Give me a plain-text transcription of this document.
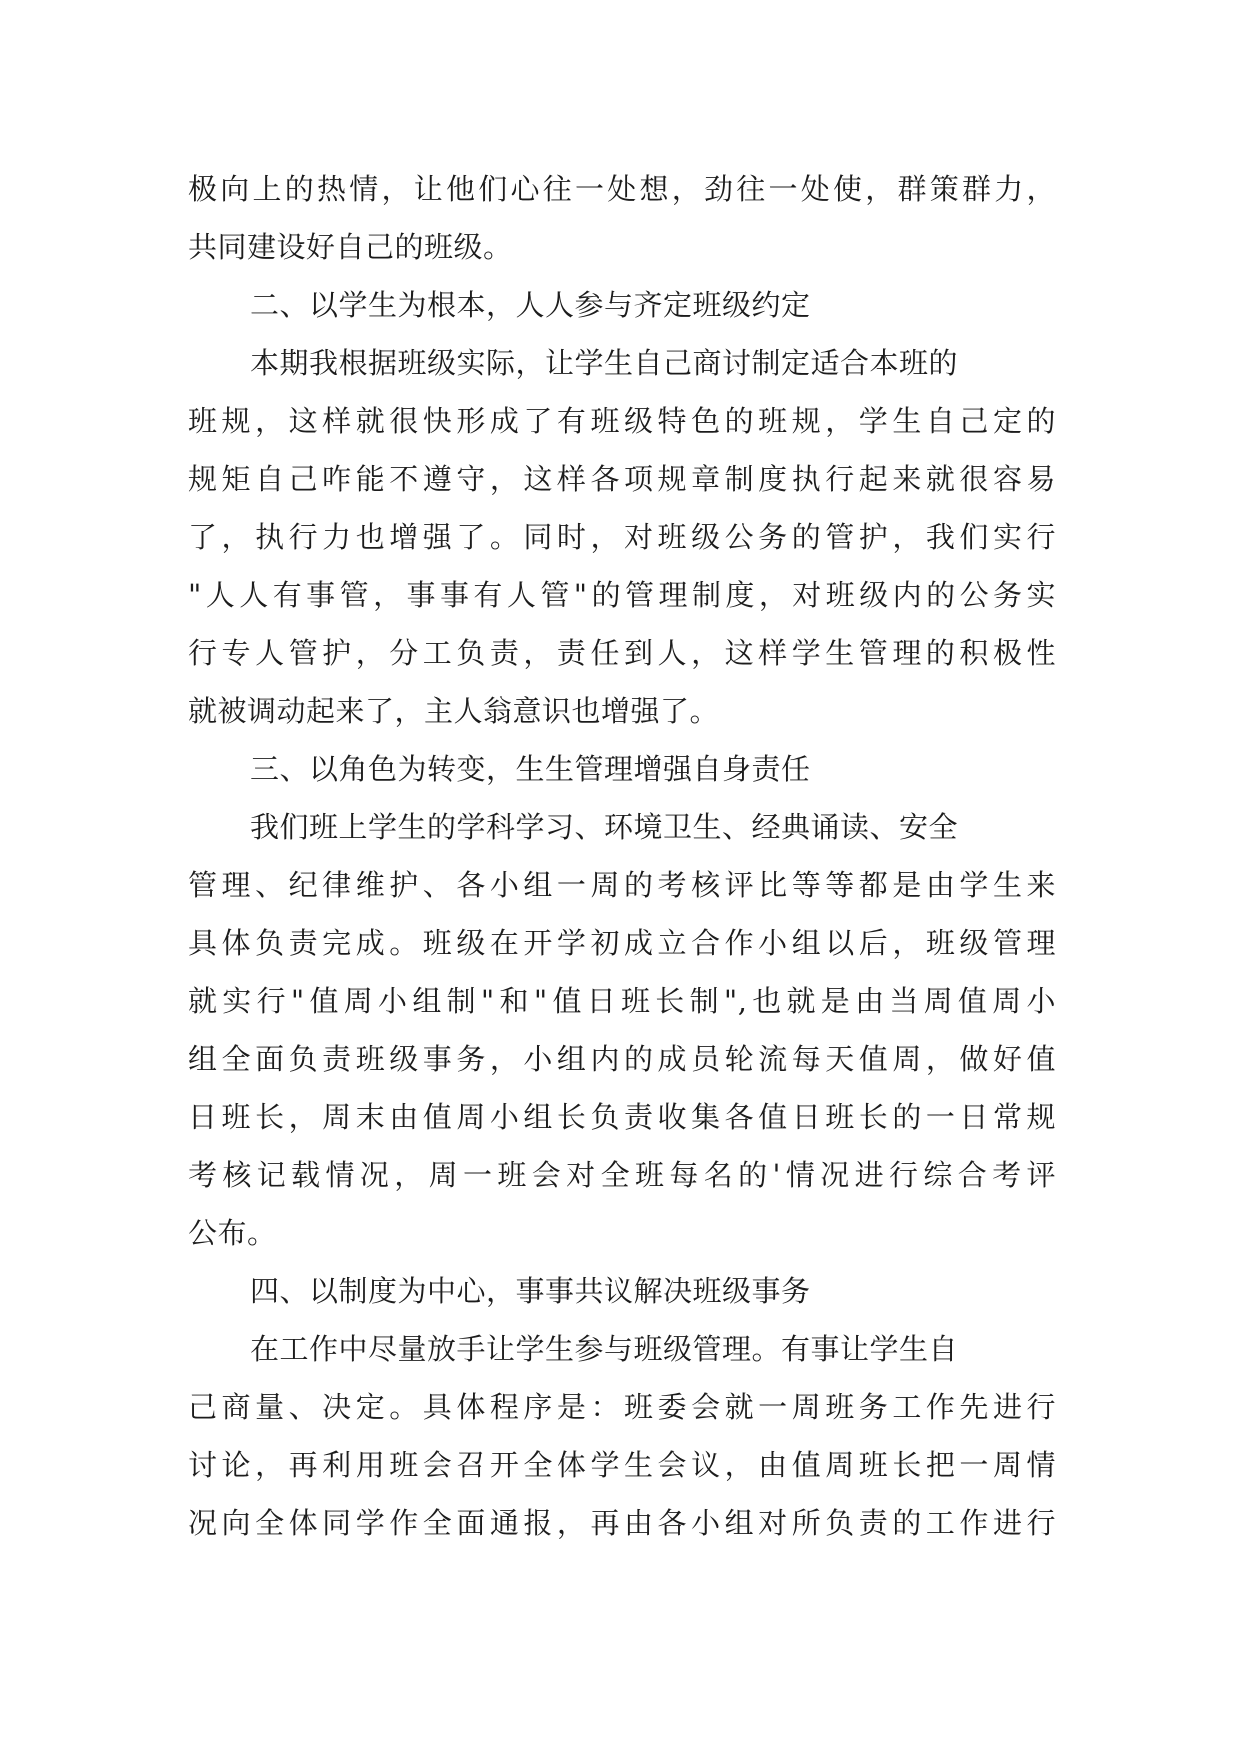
极向上的热情，让他们心往一处想，劲往一处使，群策群力，
共同建设好自己的班级。
二、以学生为根本，人人参与齐定班级约定
本期我根据班级实际，让学生自己商讨制定适合本班的
班规，这样就很快形成了有班级特色的班规，学生自己定的
规矩自己咋能不遵守，这样各项规章制度执行起来就很容易
了，执行力也增强了。同时，对班级公务的管护，我们实行
"人人有事管，事事有人管"的管理制度，对班级内的公务实
行专人管护，分工负责，责任到人，这样学生管理的积极性
就被调动起来了，主人翁意识也增强了。
三、以角色为转变，生生管理增强自身责任
我们班上学生的学科学习、环境卫生、经典诵读、安全
管理、纪律维护、各小组一周的考核评比等等都是由学生来
具体负责完成。班级在开学初成立合作小组以后，班级管理
就实行"值周小组制"和"值日班长制",也就是由当周值周小
组全面负责班级事务，小组内的成员轮流每天值周，做好值
日班长，周末由值周小组长负责收集各值日班长的一日常规
考核记载情况，周一班会对全班每名的'情况进行综合考评
公布。
四、以制度为中心，事事共议解决班级事务
在工作中尽量放手让学生参与班级管理。有事让学生自
己商量、决定。具体程序是：班委会就一周班务工作先进行
讨论，再利用班会召开全体学生会议，由值周班长把一周情
况向全体同学作全面通报，再由各小组对所负责的工作进行
